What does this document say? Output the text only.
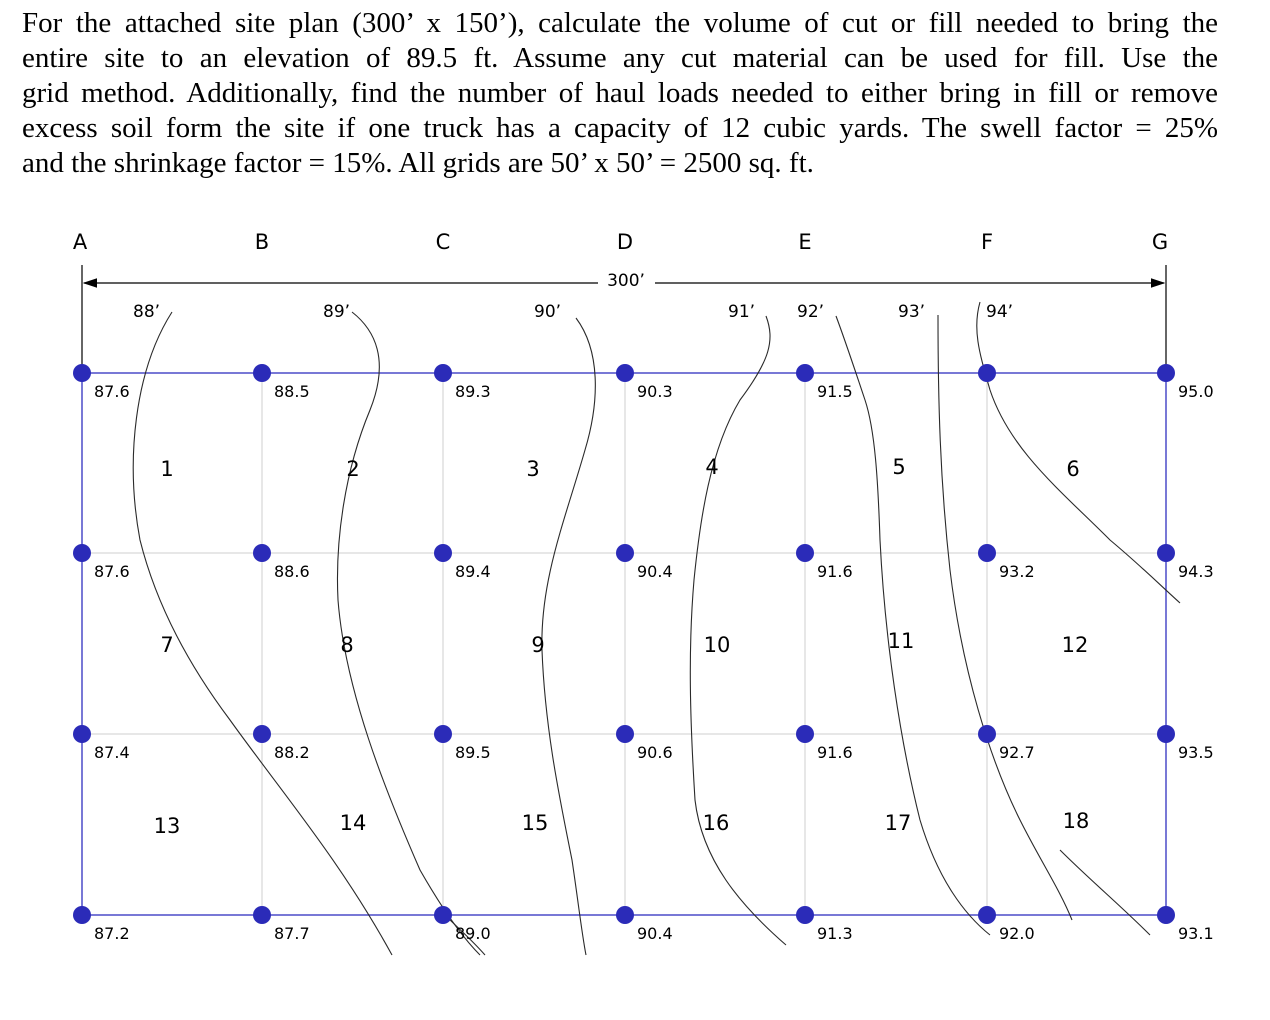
For the attached site plan (300’ x 150’), calculate the volume of cut or fill needed to bring the
entire site to an elevation of 89.5 ft. Assume any cut material can be used for fill. Use the
grid method. Additionally, find the number of haul loads needed to either bring in fill or remove
excess soil form the site if one truck has a capacity of 12 cubic yards. The swell factor = 25%
and the shrinkage factor = 15%. All grids are 50’ x 50’ = 2500 sq. ft.
300’
A	B	C	D	E	F	G
88’	89’	90’	91’ 92’	93’	94’
1	2	3	4	5	6
7	8	9	10	11	12
13	14	15	16	17	18
87.6	88.5	89.3	90.3	91.5	95.0
87.6	88.6	89.4	90.4	91.6	93.2	94.3
87.4	88.2	89.5	90.6	91.6	92.7	93.5
87.2	87.7	89.0	90.4	91.3	92.0	93.1
